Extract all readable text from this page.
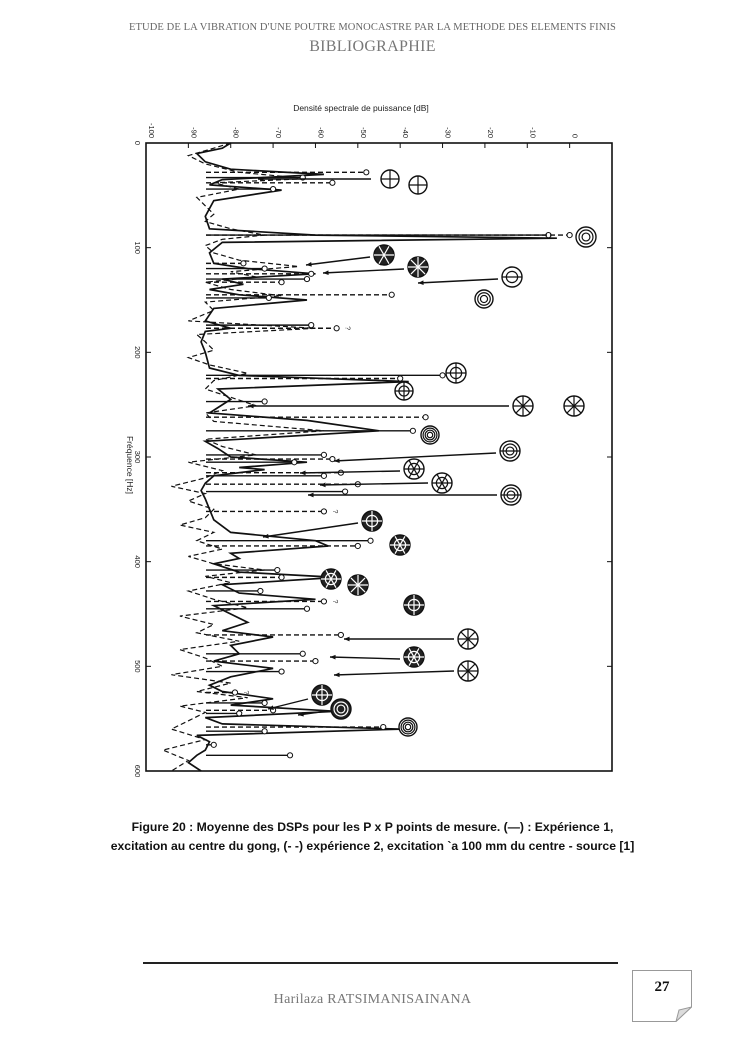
ETUDE DE LA VIBRATION D'UNE POUTRE MONOCASTRE PAR LA METHODE DES ELEMENTS FINIS
BIBLIOGRAPHIE
Densité spectrale de puissance [dB]
Fréquence [Hz]
-100	-90	-80	-70	-60	-50	-40	-30	-20	-10	0
0
100
200
300
400
500
600
?
?
?
?
Figure 20 : Moyenne des DSPs pour les P x P points de mesure. (—) : Expérience 1,
excitation au centre du gong, (- -) expérience 2, excitation `a 100 mm du centre - source [1]
Harilaza RATSIMANISAINANA
27
